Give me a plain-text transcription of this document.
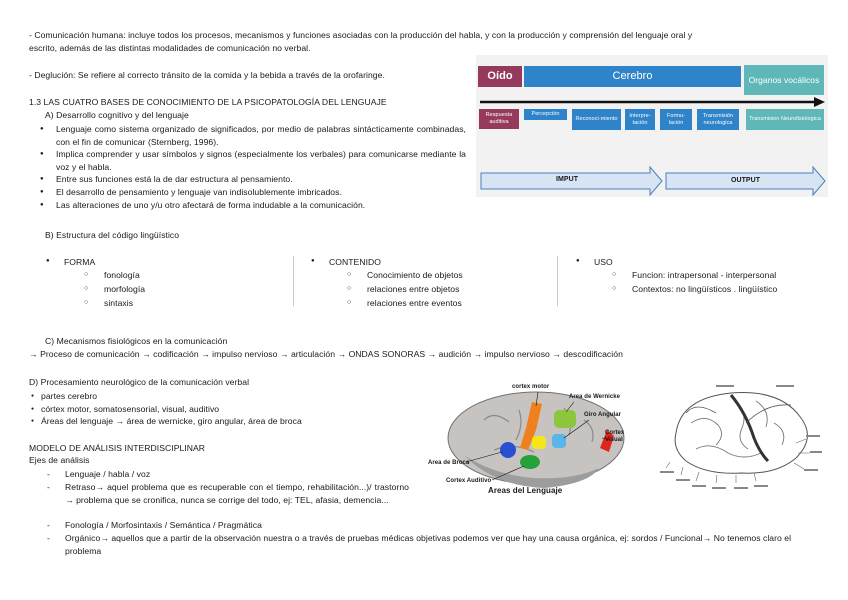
- Comunicación humana: incluye todos los procesos, mecanismos y funciones asociadas con la producción del habla, y con la producción y comprensión del lenguaje oral y
escrito, además de las distintas modalidades de comunicación no verbal.
- Deglución: Se refiere al correcto tránsito de la comida y la bebida a través de la orofaringe.
1.3 LAS CUATRO BASES DE CONOCIMIENTO DE LA PSICOPATOLOGÍA DEL LENGUAJE
A) Desarrollo cognitivo y del lenguaje
● Lenguaje como sistema organizado de significados, por medio de palabras sintácticamente combinadas, con el fin de comunicar (Sternberg, 1996).
● Implica comprender y usar símbolos y signos (especialmente los verbales) para comunicarse mediante la voz y el habla.
● Entre sus funciones está la de dar estructura al pensamiento.
● El desarrollo de pensamiento y lenguaje van indisolublemente imbricados.
● Las alteraciones de uno y/u otro afectará de forma indudable a la comunicación.
Oído	Cerebro	Organos vocálicos
Respuesta auditiva
Percepción
Reconoci-miento
Interpre-tación
Formu-lación
Transmisión neurologica
Transmision Neurofisiologica
IMPUT	OUTPUT
B) Estructura del código lingüístico
● FORMA
○ fonología
○ morfología
○ sintaxis
● CONTENIDO
○ Conocimiento de objetos
○ relaciones entre objetos
○ relaciones entre eventos
● USO
○ Funcion: intrapersonal - interpersonal
○ Contextos: no lingüísticos . lingüístico
C) Mecanismos fisiológicos en la comunicación
→ Proceso de comunicación → codificación → impulso nervioso → articulación → ONDAS SONORAS → audición → impulso nervioso → descodificación
D) Procesamiento neurológico de la comunicación verbal
● partes cerebro
● córtex motor, somatosensorial, visual, auditivo
● Áreas del lenguaje → área de wernicke, giro angular, área de broca
cortex motor
Area de Wernicke
Giro Angular
Cortex Visual
Area de Broca
Cortex Auditivo
Areas del Lenguaje
MODELO DE ANÁLISIS INTERDISCIPLINAR
Ejes de análisis
- Lenguaje / habla / voz
- Retraso→ aquel problema que es recuperable con el tiempo, rehabilitación...)/ trastorno → problema que se cronifica, nunca se corrige del todo, ej: TEL, afasia, demencia...
- Fonología / Morfosintaxis / Semántica / Pragmática
- Orgánico→ aquellos que a partir de la observación nuestra o a través de pruebas médicas objetivas podemos ver que hay una causa orgánica, ej: sordos / Funcional→ No tenemos claro el problema
